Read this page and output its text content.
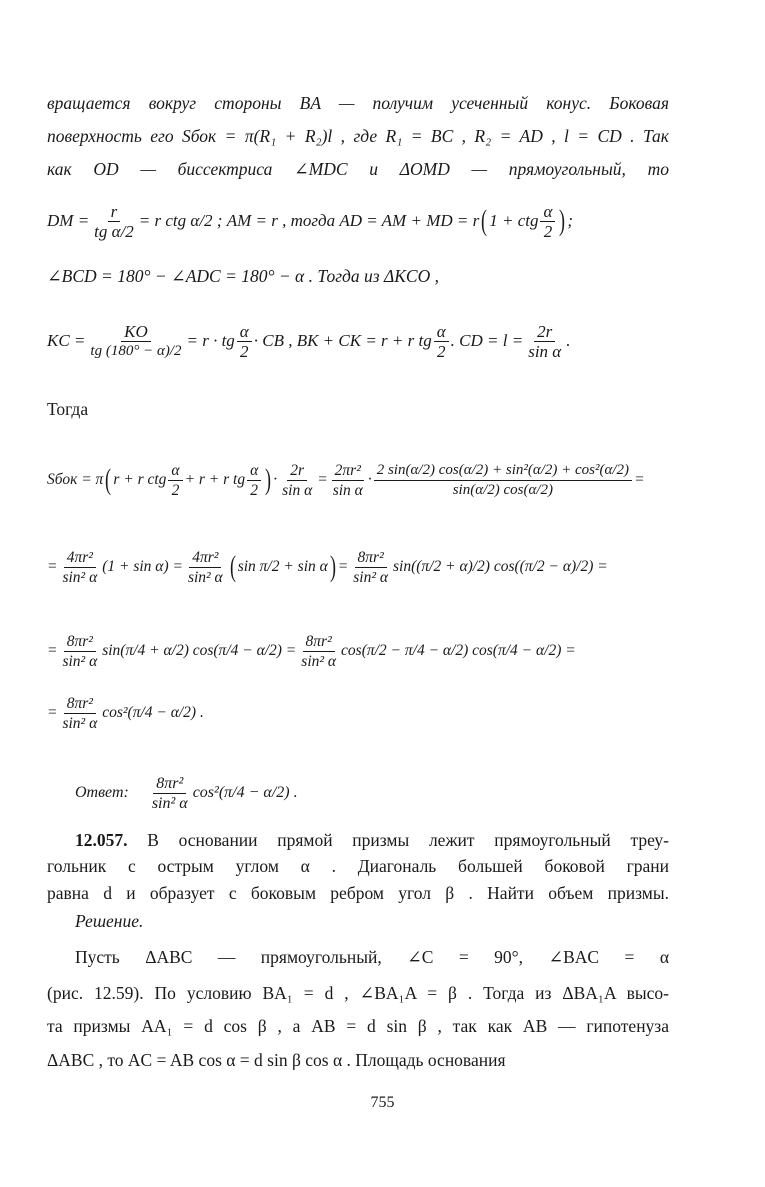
вращается вокруг стороны BA — получим усеченный конус. Боковая
поверхность его Sбок = π(R₁ + R₂)l , где R₁ = BC , R₂ = AD , l = CD . Так
как OD — биссектриса ∠MDC и ΔOMD — прямоугольный, то
DM = $\frac{r}{\text{tg α/2}} = r$ ctg α/2 ; AM = r , тогда AD = AM + MD = r ( 1 + ctg $\frac{\alpha}{2}$ ) ;
∠BCD = 180° − ∠ADC = 180° − α . Тогда из ΔKCO ,
KC = $\frac{KO}{tg (180^\circ - \alpha)/2} = r$ · tg $\frac{\alpha}{2}$ · CB , BK + CK = r + r tg $\frac{\alpha}{2}$ . CD = $l = \frac{2r}{\text{sin α}}$ .
Тогда
Sбок = π ( r + r ctg $\frac{\alpha}{2} + r + r$ tg $\frac{\alpha}{2}$ ) · $\frac{2r}{\text{sin α}} = \frac{\text{2πr²}}{\text{sin α}} \cdot \frac{\text{2 sin(α/2) cos(α/2) + sin²(α/2) + cos²(α/2)}}{\sin(\alpha/2) \cos(\alpha/2)}$ =
= $\frac{\text{4πr²}}{\text{sin² α}} (1 + \sin \alpha) = \frac{\text{4πr²}}{\text{sin² α}}$ ( sin π/2 + sin α ) = $\frac{\text{8πr²}}{\text{sin² α}} \sin((\pi/2 + \alpha)/2) \cos((\pi/2 - \alpha)/2)$ =
= $\frac{\text{8πr²}}{\text{sin² α}} \sin(\pi/4 + \alpha/2) \cos(\pi/4 - \alpha/2) = \frac{\text{8πr²}}{\text{sin² α}} \cos(\pi/2 - \pi/4 - \alpha/2) \cos(\pi/4 - \alpha/2)$ =
= $\frac{\text{8πr²}}{\text{sin² α}} \cos^2(\pi/4 - \alpha/2)$ .
Ответ: $\frac{\text{8πr²}}{\text{sin² α}} \cos^2(\pi/4 - \alpha/2)$ .
12.057. В основании прямой призмы лежит прямоугольный треу-
гольник с острым углом α . Диагональ большей боковой грани
равна d и образует с боковым ребром угол β . Найти объем призмы.
Решение.
Пусть ΔABC — прямоугольный, ∠C = 90°, ∠BAC = α
(рис. 12.59). По условию BA₁ = d , ∠BA₁A = β . Тогда из ΔBA₁A высо-
та призмы AA₁ = d cos β , а AB = d sin β , так как AB — гипотенуза
ΔABC , то AC = AB cos α = d sin β cos α . Площадь основания
755
